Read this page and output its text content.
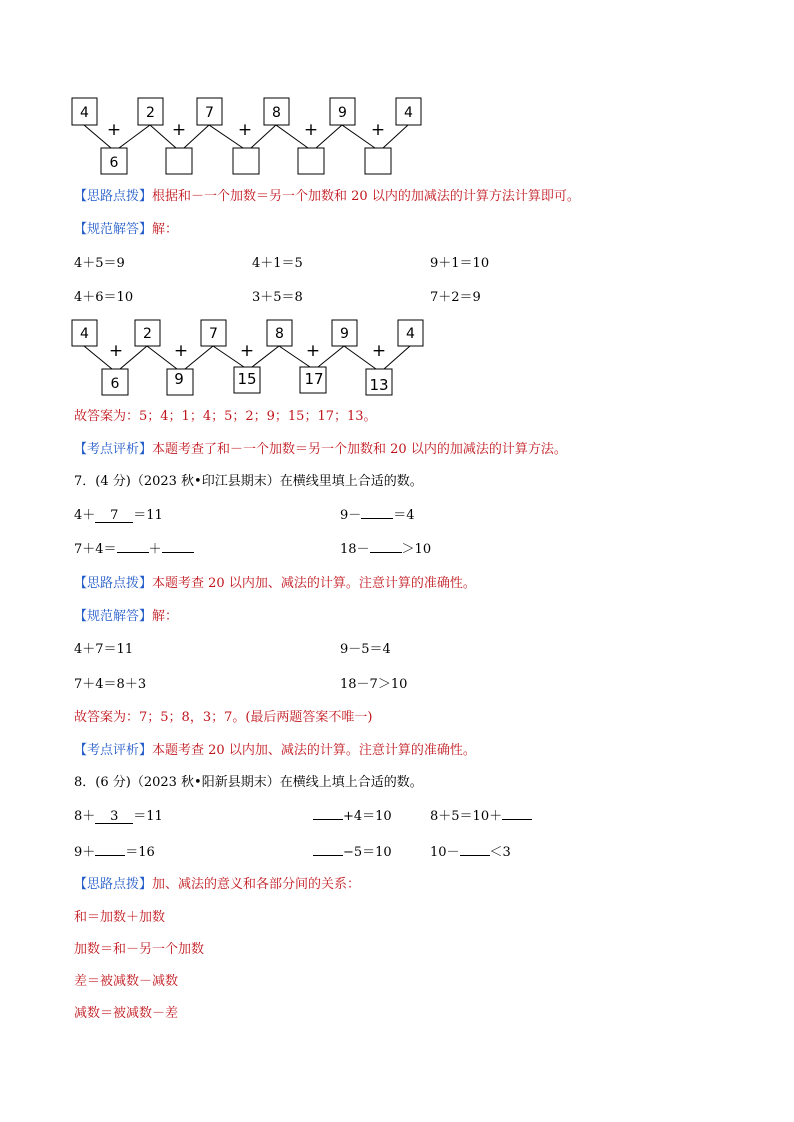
4	2	7	8	9	4
+	+	+	+	+
6
【思路点拨】根据和－一个加数＝另一个加数和 20 以内的加减法的计算方法计算即可。
【规范解答】解：
4＋5＝9	4＋1＝5	9＋1＝10
4＋6＝10	3＋5＝8	7＋2＝9
4	2	7	8	9	4
+	+	+	+	+
6	9	15	17	13
故答案为：5；4；1；4；5；2；9；15；17；13。
【考点评析】本题考查了和－一个加数＝另一个加数和 20 以内的加减法的计算方法。
7．(4 分)（2023 秋•印江县期末）在横线里填上合适的数。
4＋ 7 ＝11	9－ ＝4
7＋4＝ ＋	18－ ＞10
【思路点拨】本题考查 20 以内加、减法的计算。注意计算的准确性。
【规范解答】解：
4＋7＝11	9－5＝4
7＋4＝8＋3	18－7＞10
故答案为：7；5；8，3；7。(最后两题答案不唯一)
【考点评析】本题考查 20 以内加、减法的计算。注意计算的准确性。
8．(6 分)（2023 秋•阳新县期末）在横线上填上合适的数。
8＋ 3 ＝11	+4＝10	8＋5＝10＋
9＋ ＝16	−5＝10	10－ ＜3
【思路点拨】加、减法的意义和各部分间的关系：
和＝加数＋加数
加数＝和－另一个加数
差＝被减数－减数
减数＝被减数－差
